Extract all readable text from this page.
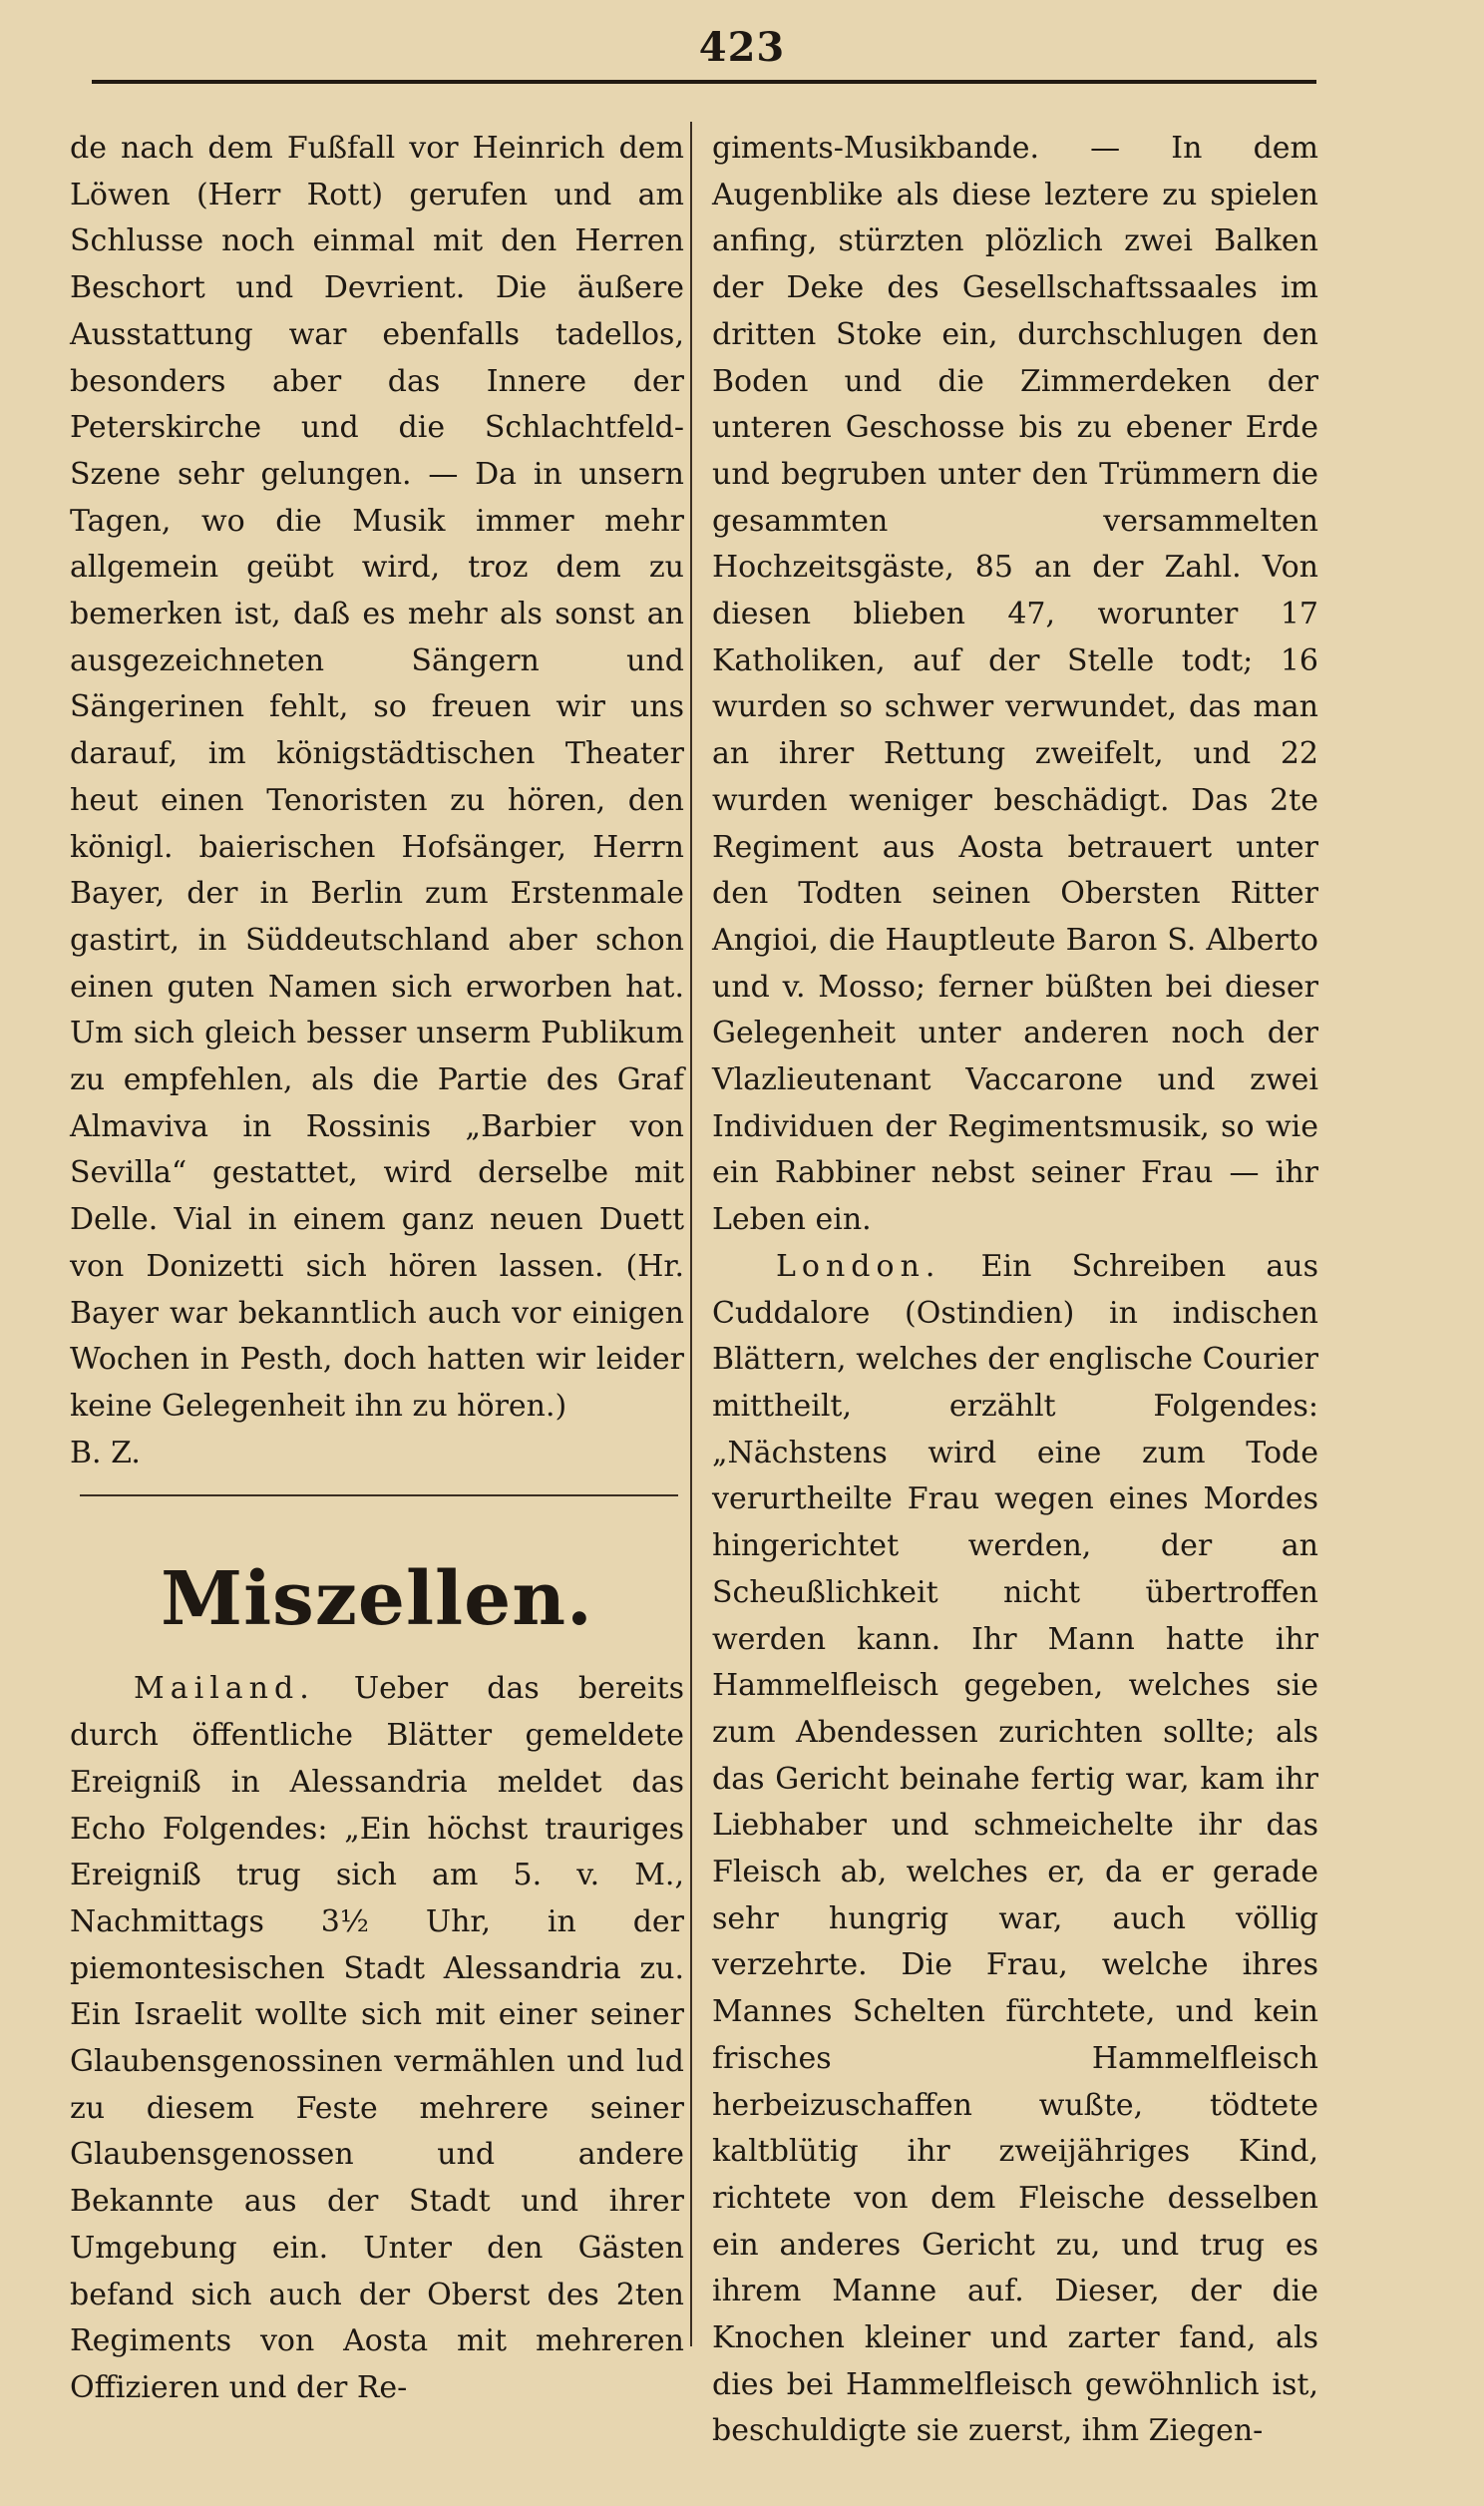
423

de nach dem Fußfall vor Heinrich dem Löwen (Herr Rott) gerufen und am Schlusse noch einmal mit den Herren Beschort und Devrient. Die äußere Ausstattung war ebenfalls tadellos, besonders aber das Innere der Peterskirche und die Schlachtfeld-Szene sehr gelungen. — Da in unsern Tagen, wo die Musik immer mehr allgemein geübt wird, troz dem zu bemerken ist, daß es mehr als sonst an ausgezeichneten Sängern und Sängerinen fehlt, so freuen wir uns darauf, im königstädtischen Theater heut einen Tenoristen zu hören, den königl. baierischen Hofsänger, Herrn Bayer, der in Berlin zum Erstenmale gastirt, in Süddeutschland aber schon einen guten Namen sich erworben hat. Um sich gleich besser unserm Publikum zu empfehlen, als die Partie des Graf Almaviva in Rossinis „Barbier von Sevilla“ gestattet, wird derselbe mit Delle. Vial in einem ganz neuen Duett von Donizetti sich hören lassen. (Hr. Bayer war bekanntlich auch vor einigen Wochen in Pesth, doch hatten wir leider keine Gelegenheit ihn zu hören.)

B. Z.

Miszellen.

Mailand. Ueber das bereits durch öffentliche Blätter gemeldete Ereigniß in Alessandria meldet das Echo Folgendes: „Ein höchst trauriges Ereigniß trug sich am 5. v. M., Nachmittags 3½ Uhr, in der piemontesischen Stadt Alessandria zu. Ein Israelit wollte sich mit einer seiner Glaubensgenossinen vermählen und lud zu diesem Feste mehrere seiner Glaubensgenossen und andere Bekannte aus der Stadt und ihrer Umgebung ein. Unter den Gästen befand sich auch der Oberst des 2ten Regiments von Aosta mit mehreren Offizieren und der Re-

giments-Musikbande. — In dem Augenblike als diese leztere zu spielen anfing, stürzten plözlich zwei Balken der Deke des Gesellschaftssaales im dritten Stoke ein, durchschlugen den Boden und die Zimmerdeken der unteren Geschosse bis zu ebener Erde und begruben unter den Trümmern die gesammten versammelten Hochzeitsgäste, 85 an der Zahl. Von diesen blieben 47, worunter 17 Katholiken, auf der Stelle todt; 16 wurden so schwer verwundet, das man an ihrer Rettung zweifelt, und 22 wurden weniger beschädigt. Das 2te Regiment aus Aosta betrauert unter den Todten seinen Obersten Ritter Angioi, die Hauptleute Baron S. Alberto und v. Mosso; ferner büßten bei dieser Gelegenheit unter anderen noch der Vlazlieutenant Vaccarone und zwei Individuen der Regimentsmusik, so wie ein Rabbiner nebst seiner Frau — ihr Leben ein.

London. Ein Schreiben aus Cuddalore (Ostindien) in indischen Blättern, welches der englische Courier mittheilt, erzählt Folgendes: „Nächstens wird eine zum Tode verurtheilte Frau wegen eines Mordes hingerichtet werden, der an Scheußlichkeit nicht übertroffen werden kann. Ihr Mann hatte ihr Hammelfleisch gegeben, welches sie zum Abendessen zurichten sollte; als das Gericht beinahe fertig war, kam ihr Liebhaber und schmeichelte ihr das Fleisch ab, welches er, da er gerade sehr hungrig war, auch völlig verzehrte. Die Frau, welche ihres Mannes Schelten fürchtete, und kein frisches Hammelfleisch herbeizuschaffen wußte, tödtete kaltblütig ihr zweijähriges Kind, richtete von dem Fleische desselben ein anderes Gericht zu, und trug es ihrem Manne auf. Dieser, der die Knochen kleiner und zarter fand, als dies bei Hammelfleisch gewöhnlich ist, beschuldigte sie zuerst, ihm Ziegen-
